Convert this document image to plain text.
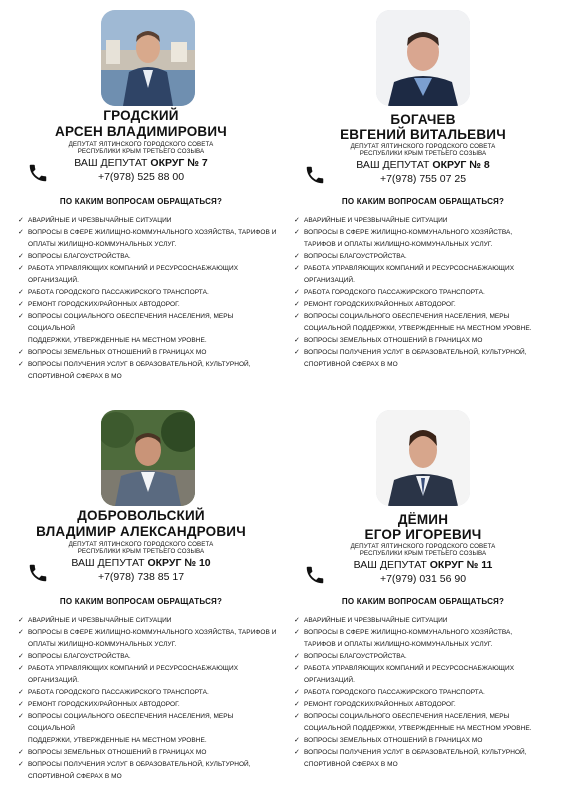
ГРОДСКИЙ
АРСЕН ВЛАДИМИРОВИЧ
ДЕПУТАТ ЯЛТИНСКОГО ГОРОДСКОГО СОВЕТА
РЕСПУБЛИКИ КРЫМ ТРЕТЬЕГО СОЗЫВА
ВАШ ДЕПУТАТ ОКРУГ № 7
+7(978) 525 88 00
ПО КАКИМ ВОПРОСАМ ОБРАЩАТЬСЯ?
✓ АВАРИЙНЫЕ И ЧРЕЗВЫЧАЙНЫЕ СИТУАЦИИ
✓ ВОПРОСЫ В СФЕРЕ ЖИЛИЩНО-КОММУНАЛЬНОГО ХОЗЯЙСТВА, ТАРИФОВ И
ОПЛАТЫ ЖИЛИЩНО-КОММУНАЛЬНЫХ УСЛУГ.
✓ ВОПРОСЫ БЛАГОУСТРОЙСТВА.
✓ РАБОТА УПРАВЛЯЮЩИХ КОМПАНИЙ И РЕСУРСОСНАБЖАЮЩИХ
ОРГАНИЗАЦИЙ.
✓ РАБОТА ГОРОДСКОГО ПАССАЖИРСКОГО ТРАНСПОРТА.
✓ РЕМОНТ ГОРОДСКИХ/РАЙОННЫХ АВТОДОРОГ.
✓ ВОПРОСЫ СОЦИАЛЬНОГО ОБЕСПЕЧЕНИЯ НАСЕЛЕНИЯ, МЕРЫ СОЦИАЛЬНОЙ
ПОДДЕРЖКИ, УТВЕРЖДЕННЫЕ НА МЕСТНОМ УРОВНЕ.
✓ ВОПРОСЫ ЗЕМЕЛЬНЫХ ОТНОШЕНИЙ В ГРАНИЦАХ МО
✓ ВОПРОСЫ ПОЛУЧЕНИЯ УСЛУГ В ОБРАЗОВАТЕЛЬНОЙ, КУЛЬТУРНОЙ,
СПОРТИВНОЙ СФЕРАХ В МО
БОГАЧЕВ
ЕВГЕНИЙ ВИТАЛЬЕВИЧ
ДЕПУТАТ ЯЛТИНСКОГО ГОРОДСКОГО СОВЕТА
РЕСПУБЛИКИ КРЫМ ТРЕТЬЕГО СОЗЫВА
ВАШ ДЕПУТАТ ОКРУГ № 8
+7(978) 755 07 25
ПО КАКИМ ВОПРОСАМ ОБРАЩАТЬСЯ?
✓ АВАРИЙНЫЕ И ЧРЕЗВЫЧАЙНЫЕ СИТУАЦИИ
✓ ВОПРОСЫ В СФЕРЕ ЖИЛИЩНО-КОММУНАЛЬНОГО ХОЗЯЙСТВА,
ТАРИФОВ И ОПЛАТЫ ЖИЛИЩНО-КОММУНАЛЬНЫХ УСЛУГ.
✓ ВОПРОСЫ БЛАГОУСТРОЙСТВА.
✓ РАБОТА УПРАВЛЯЮЩИХ КОМПАНИЙ И РЕСУРСОСНАБЖАЮЩИХ
ОРГАНИЗАЦИЙ.
✓ РАБОТА ГОРОДСКОГО ПАССАЖИРСКОГО ТРАНСПОРТА.
✓ РЕМОНТ ГОРОДСКИХ/РАЙОННЫХ АВТОДОРОГ.
✓ ВОПРОСЫ СОЦИАЛЬНОГО ОБЕСПЕЧЕНИЯ НАСЕЛЕНИЯ, МЕРЫ
СОЦИАЛЬНОЙ ПОДДЕРЖКИ, УТВЕРЖДЕННЫЕ НА МЕСТНОМ УРОВНЕ.
✓ ВОПРОСЫ ЗЕМЕЛЬНЫХ ОТНОШЕНИЙ В ГРАНИЦАХ МО
✓ ВОПРОСЫ ПОЛУЧЕНИЯ УСЛУГ В ОБРАЗОВАТЕЛЬНОЙ, КУЛЬТУРНОЙ,
СПОРТИВНОЙ СФЕРАХ В МО
ДОБРОВОЛЬСКИЙ
ВЛАДИМИР АЛЕКСАНДРОВИЧ
ДЕПУТАТ ЯЛТИНСКОГО ГОРОДСКОГО СОВЕТА
РЕСПУБЛИКИ КРЫМ ТРЕТЬЕГО СОЗЫВА
ВАШ ДЕПУТАТ ОКРУГ № 10
+7(978) 738 85 17
ПО КАКИМ ВОПРОСАМ ОБРАЩАТЬСЯ?
✓ АВАРИЙНЫЕ И ЧРЕЗВЫЧАЙНЫЕ СИТУАЦИИ
✓ ВОПРОСЫ В СФЕРЕ ЖИЛИЩНО-КОММУНАЛЬНОГО ХОЗЯЙСТВА, ТАРИФОВ И
ОПЛАТЫ ЖИЛИЩНО-КОММУНАЛЬНЫХ УСЛУГ.
✓ ВОПРОСЫ БЛАГОУСТРОЙСТВА.
✓ РАБОТА УПРАВЛЯЮЩИХ КОМПАНИЙ И РЕСУРСОСНАБЖАЮЩИХ
ОРГАНИЗАЦИЙ.
✓ РАБОТА ГОРОДСКОГО ПАССАЖИРСКОГО ТРАНСПОРТА.
✓ РЕМОНТ ГОРОДСКИХ/РАЙОННЫХ АВТОДОРОГ.
✓ ВОПРОСЫ СОЦИАЛЬНОГО ОБЕСПЕЧЕНИЯ НАСЕЛЕНИЯ, МЕРЫ СОЦИАЛЬНОЙ
ПОДДЕРЖКИ, УТВЕРЖДЕННЫЕ НА МЕСТНОМ УРОВНЕ.
✓ ВОПРОСЫ ЗЕМЕЛЬНЫХ ОТНОШЕНИЙ В ГРАНИЦАХ МО
✓ ВОПРОСЫ ПОЛУЧЕНИЯ УСЛУГ В ОБРАЗОВАТЕЛЬНОЙ, КУЛЬТУРНОЙ,
СПОРТИВНОЙ СФЕРАХ В МО
ДЁМИН
ЕГОР ИГОРЕВИЧ
ДЕПУТАТ ЯЛТИНСКОГО ГОРОДСКОГО СОВЕТА
РЕСПУБЛИКИ КРЫМ ТРЕТЬЕГО СОЗЫВА
ВАШ ДЕПУТАТ ОКРУГ № 11
+7(979) 031 56 90
ПО КАКИМ ВОПРОСАМ ОБРАЩАТЬСЯ?
✓ АВАРИЙНЫЕ И ЧРЕЗВЫЧАЙНЫЕ СИТУАЦИИ
✓ ВОПРОСЫ В СФЕРЕ ЖИЛИЩНО-КОММУНАЛЬНОГО ХОЗЯЙСТВА,
ТАРИФОВ И ОПЛАТЫ ЖИЛИЩНО-КОММУНАЛЬНЫХ УСЛУГ.
✓ ВОПРОСЫ БЛАГОУСТРОЙСТВА.
✓ РАБОТА УПРАВЛЯЮЩИХ КОМПАНИЙ И РЕСУРСОСНАБЖАЮЩИХ
ОРГАНИЗАЦИЙ.
✓ РАБОТА ГОРОДСКОГО ПАССАЖИРСКОГО ТРАНСПОРТА.
✓ РЕМОНТ ГОРОДСКИХ/РАЙОННЫХ АВТОДОРОГ.
✓ ВОПРОСЫ СОЦИАЛЬНОГО ОБЕСПЕЧЕНИЯ НАСЕЛЕНИЯ, МЕРЫ
СОЦИАЛЬНОЙ ПОДДЕРЖКИ, УТВЕРЖДЕННЫЕ НА МЕСТНОМ УРОВНЕ.
✓ ВОПРОСЫ ЗЕМЕЛЬНЫХ ОТНОШЕНИЙ В ГРАНИЦАХ МО
✓ ВОПРОСЫ ПОЛУЧЕНИЯ УСЛУГ В ОБРАЗОВАТЕЛЬНОЙ, КУЛЬТУРНОЙ,
СПОРТИВНОЙ СФЕРАХ В МО
